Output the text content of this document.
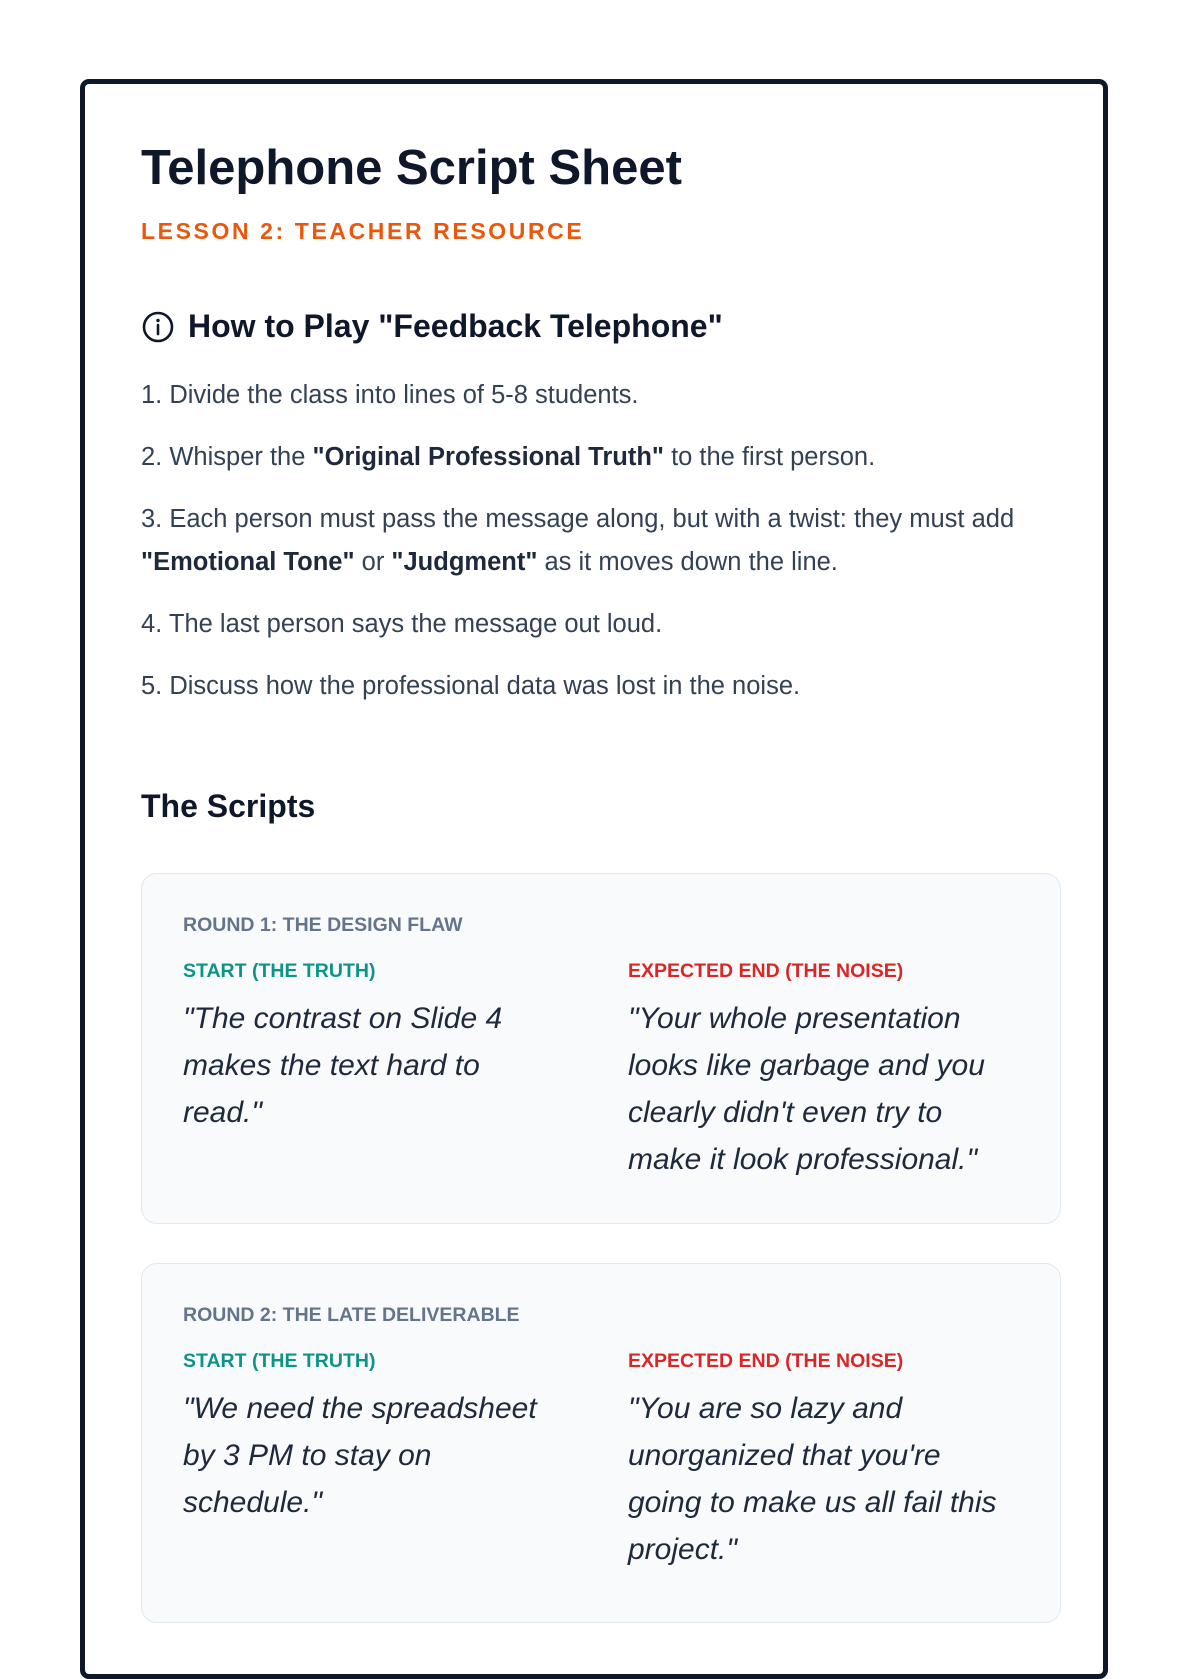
Telephone Script Sheet
LESSON 2: TEACHER RESOURCE
How to Play "Feedback Telephone"
1. Divide the class into lines of 5-8 students.
2. Whisper the "Original Professional Truth" to the first person.
3. Each person must pass the message along, but with a twist: they must add "Emotional Tone" or "Judgment" as it moves down the line.
4. The last person says the message out loud.
5. Discuss how the professional data was lost in the noise.
The Scripts
ROUND 1: THE DESIGN FLAW
START (THE TRUTH)
"The contrast on Slide 4 makes the text hard to read."
EXPECTED END (THE NOISE)
"Your whole presentation looks like garbage and you clearly didn't even try to make it look professional."
ROUND 2: THE LATE DELIVERABLE
START (THE TRUTH)
"We need the spreadsheet by 3 PM to stay on schedule."
EXPECTED END (THE NOISE)
"You are so lazy and unorganized that you're going to make us all fail this project."
